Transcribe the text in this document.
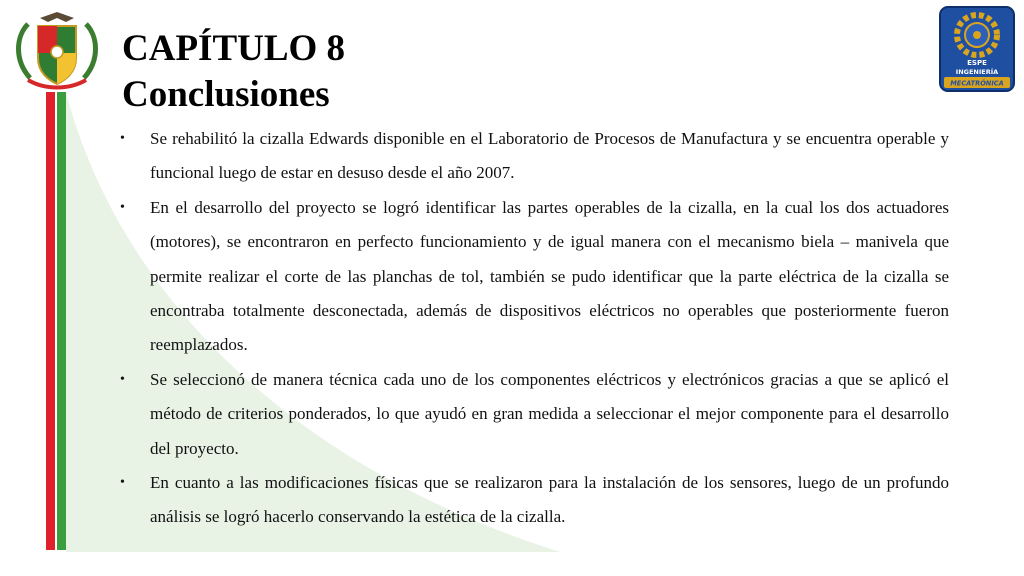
ESPE
INGENIERÍA
MECATRÓNICA
CAPÍTULO 8
Conclusiones
• Se rehabilitó la cizalla Edwards disponible en el Laboratorio de Procesos de Manufactura y se encuentra operable y funcional luego de estar en desuso desde el año 2007.
• En el desarrollo del proyecto se logró identificar las partes operables de la cizalla, en la cual los dos actuadores (motores), se encontraron en perfecto funcionamiento y de igual manera con el mecanismo biela – manivela que permite realizar el corte de las planchas de tol, también se pudo identificar que la parte eléctrica de la cizalla se encontraba totalmente desconectada, además de dispositivos eléctricos no operables que posteriormente fueron reemplazados.
• Se seleccionó de manera técnica cada uno de los componentes eléctricos y electrónicos gracias a que se aplicó el método de criterios ponderados, lo que ayudó en gran medida a seleccionar el mejor componente para el desarrollo del proyecto.
• En cuanto a las modificaciones físicas que se realizaron para la instalación de los sensores, luego de un profundo análisis se logró hacerlo conservando la estética de la cizalla.
